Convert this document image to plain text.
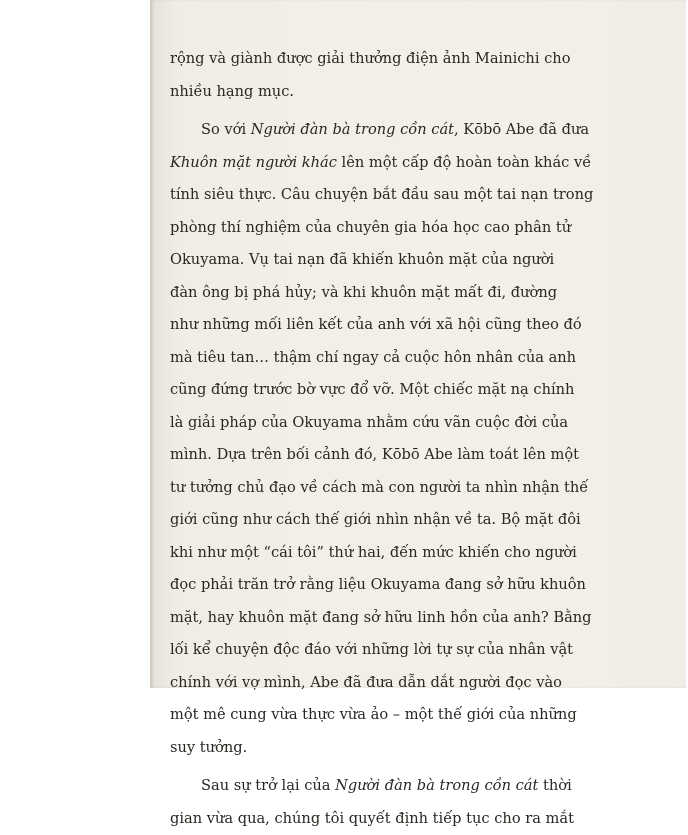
rộng và giành được giải thưởng điện ảnh Mainichi cho

nhiều hạng mục.

So với Người đàn bà trong cồn cát, Kōbō Abe đã đưa

Khuôn mặt người khác lên một cấp độ hoàn toàn khác về

tính siêu thực. Câu chuyện bắt đầu sau một tai nạn trong

phòng thí nghiệm của chuyên gia hóa học cao phân tử

Okuyama. Vụ tai nạn đã khiến khuôn mặt của người

đàn ông bị phá hủy; và khi khuôn mặt mất đi, đường

như những mối liên kết của anh với xã hội cũng theo đó

mà tiêu tan… thậm chí ngay cả cuộc hôn nhân của anh

cũng đứng trước bờ vực đổ vỡ. Một chiếc mặt nạ chính

là giải pháp của Okuyama nhằm cứu vãn cuộc đời của

mình. Dựa trên bối cảnh đó, Kōbō Abe làm toát lên một

tư tưởng chủ đạo về cách mà con người ta nhìn nhận thế

giới cũng như cách thế giới nhìn nhận về ta. Bộ mặt đôi

khi như một “cái tôi” thứ hai, đến mức khiến cho người

đọc phải trăn trở rằng liệu Okuyama đang sở hữu khuôn

mặt, hay khuôn mặt đang sở hữu linh hồn của anh? Bằng

lối kể chuyện độc đáo với những lời tự sự của nhân vật

chính với vợ mình, Abe đã đưa dẫn dắt người đọc vào

một mê cung vừa thực vừa ảo – một thế giới của những

suy tưởng.

Sau sự trở lại của Người đàn bà trong cồn cát thời

gian vừa qua, chúng tôi quyết định tiếp tục cho ra mắt
